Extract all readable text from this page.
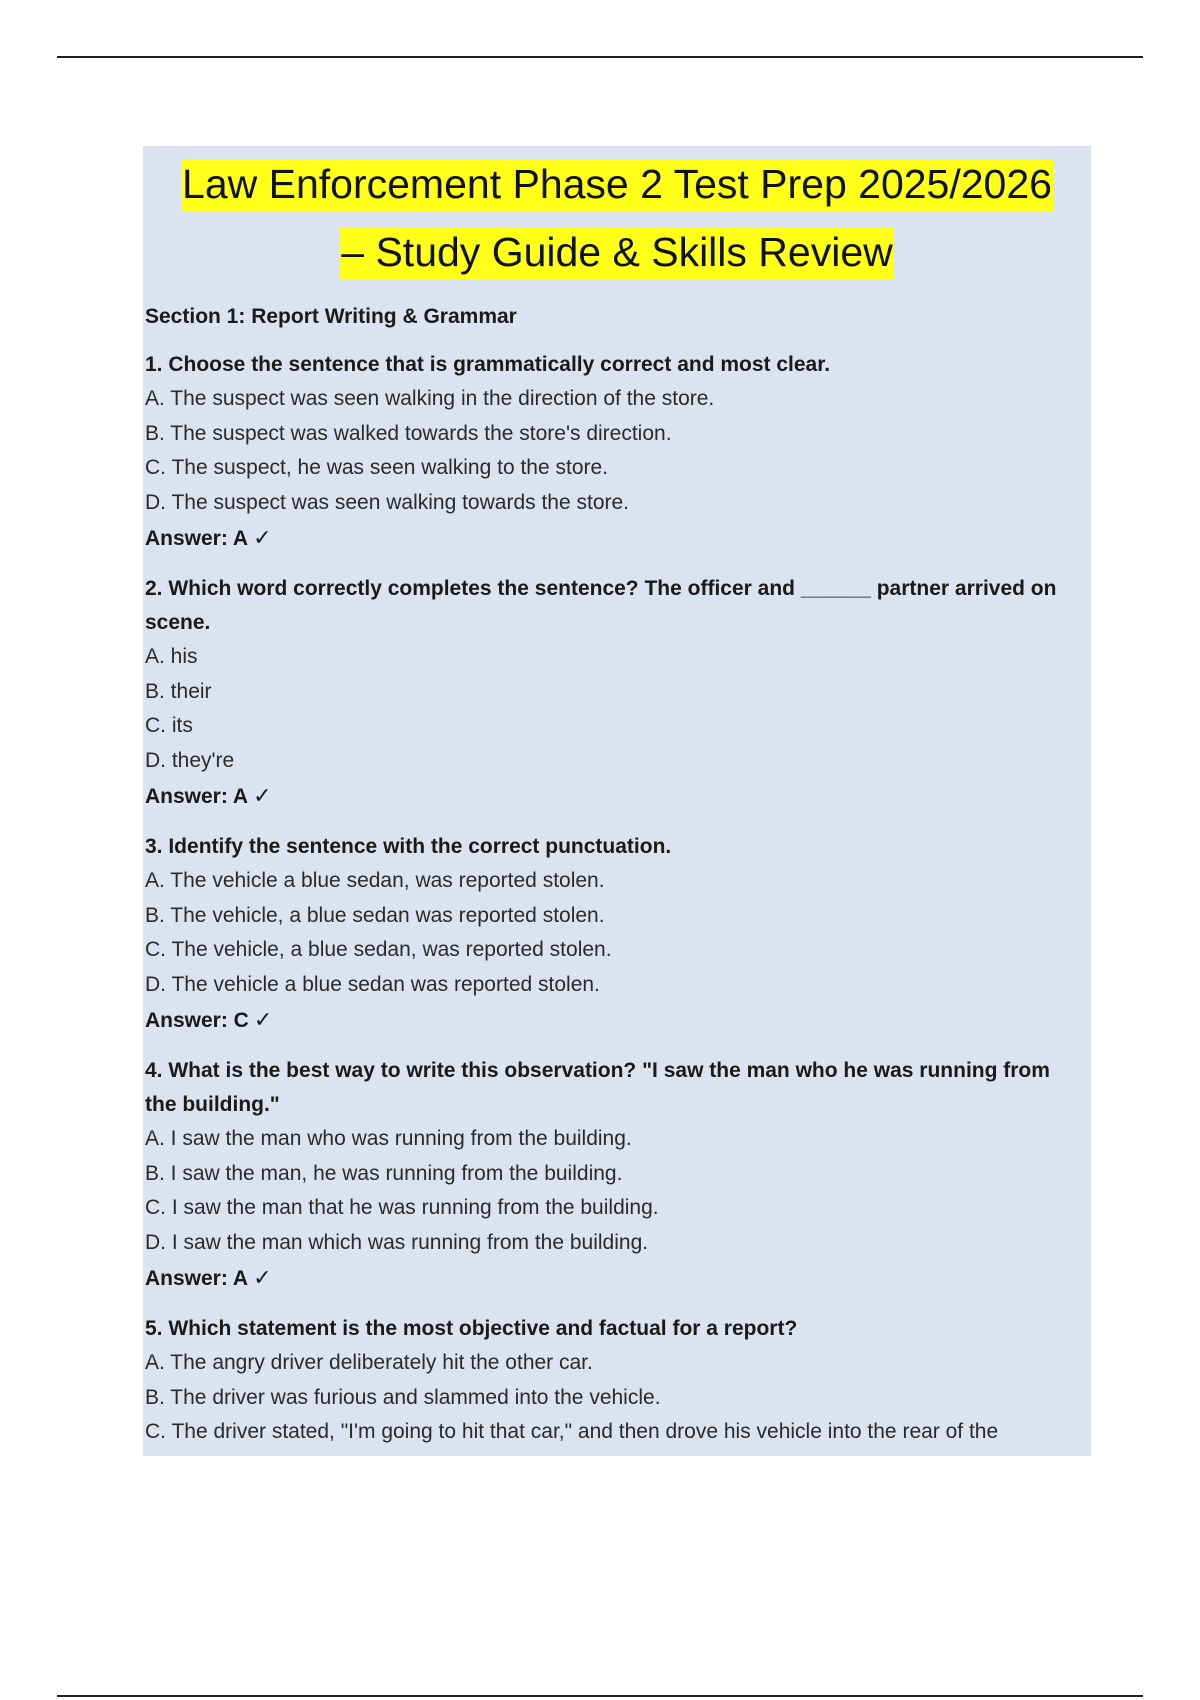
Law Enforcement Phase 2 Test Prep 2025/2026
– Study Guide & Skills Review
Section 1: Report Writing & Grammar
1. Choose the sentence that is grammatically correct and most clear.
A. The suspect was seen walking in the direction of the store.
B. The suspect was walked towards the store's direction.
C. The suspect, he was seen walking to the store.
D. The suspect was seen walking towards the store.
Answer: A ✓
2. Which word correctly completes the sentence? The officer and ______ partner arrived on scene.
A. his
B. their
C. its
D. they're
Answer: A ✓
3. Identify the sentence with the correct punctuation.
A. The vehicle a blue sedan, was reported stolen.
B. The vehicle, a blue sedan was reported stolen.
C. The vehicle, a blue sedan, was reported stolen.
D. The vehicle a blue sedan was reported stolen.
Answer: C ✓
4. What is the best way to write this observation? "I saw the man who he was running from the building."
A. I saw the man who was running from the building.
B. I saw the man, he was running from the building.
C. I saw the man that he was running from the building.
D. I saw the man which was running from the building.
Answer: A ✓
5. Which statement is the most objective and factual for a report?
A. The angry driver deliberately hit the other car.
B. The driver was furious and slammed into the vehicle.
C. The driver stated, "I'm going to hit that car," and then drove his vehicle into the rear of the
